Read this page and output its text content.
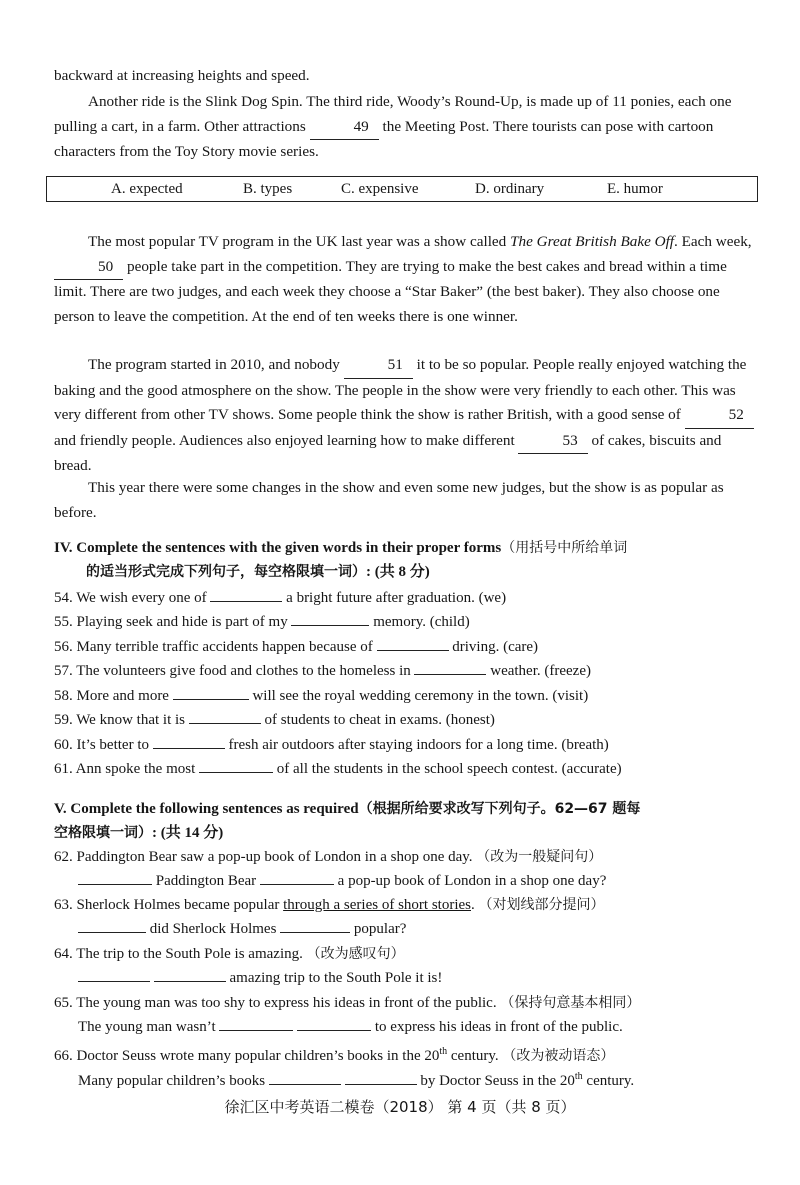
backward at increasing heights and speed.

Another ride is the Slink Dog Spin. The third ride, Woody’s Round-Up, is made up of 11 ponies, each one pulling a cart, in a farm. Other attractions	49 the Meeting Post. There tourists can pose with cartoon characters from the Toy Story movie series.

A. expected	B. types	C. expensive	D. ordinary	E. humor

The most popular TV program in the UK last year was a show called The Great British Bake Off. Each week, 50 people take part in the competition. They are trying to make the best cakes and bread within a time limit. There are two judges, and each week they choose a “Star Baker” (the best baker). They also choose one person to leave the competition. At the end of ten weeks there is one winner.

The program started in 2010, and nobody	51 it to be so popular. People really enjoyed watching the baking and the good atmosphere on the show. The people in the show were very friendly to each other. This was very different from other TV shows. Some people think the show is rather British, with a good sense of	52 and friendly people. Audiences also enjoyed learning how to make different	53 of cakes, biscuits and bread.

This year there were some changes in the show and even some new judges, but the show is as popular as before.

IV. Complete the sentences with the given words in their proper forms（用括号中所给单词
的适当形式完成下列句子，每空格限填一词）: (共 8 分)

54. We wish every one of	a bright future after graduation. (we)

55. Playing seek and hide is part of my	memory. (child)

56. Many terrible traffic accidents happen because of	driving. (care)

57. The volunteers give food and clothes to the homeless in	weather. (freeze)

58. More and more	will see the royal wedding ceremony in the town. (visit)

59. We know that it is	of students to cheat in exams. (honest)

60. It’s better to	fresh air outdoors after staying indoors for a long time. (breath)

61. Ann spoke the most	of all the students in the school speech contest. (accurate)

V. Complete the following sentences as required（根据所给要求改写下列句子。62—67 题每
空格限填一词）: (共 14 分)

62. Paddington Bear saw a pop-up book of London in a shop one day. （改为一般疑问句）

Paddington Bear	a pop-up book of London in a shop one day?

63. Sherlock Holmes became popular through a series of short stories. （对划线部分提问）

did Sherlock Holmes	popular?

64. The trip to the South Pole is amazing. （改为感叹句）

amazing trip to the South Pole it is!

65. The young man was too shy to express his ideas in front of the public. （保持句意基本相同）

The young man wasn’t	to express his ideas in front of the public.

66. Doctor Seuss wrote many popular children’s books in the 20th century. （改为被动语态）

Many popular children’s books	by Doctor Seuss in the 20th century.

徐汇区中考英语二模卷（2018） 第 4 页（共 8 页）
